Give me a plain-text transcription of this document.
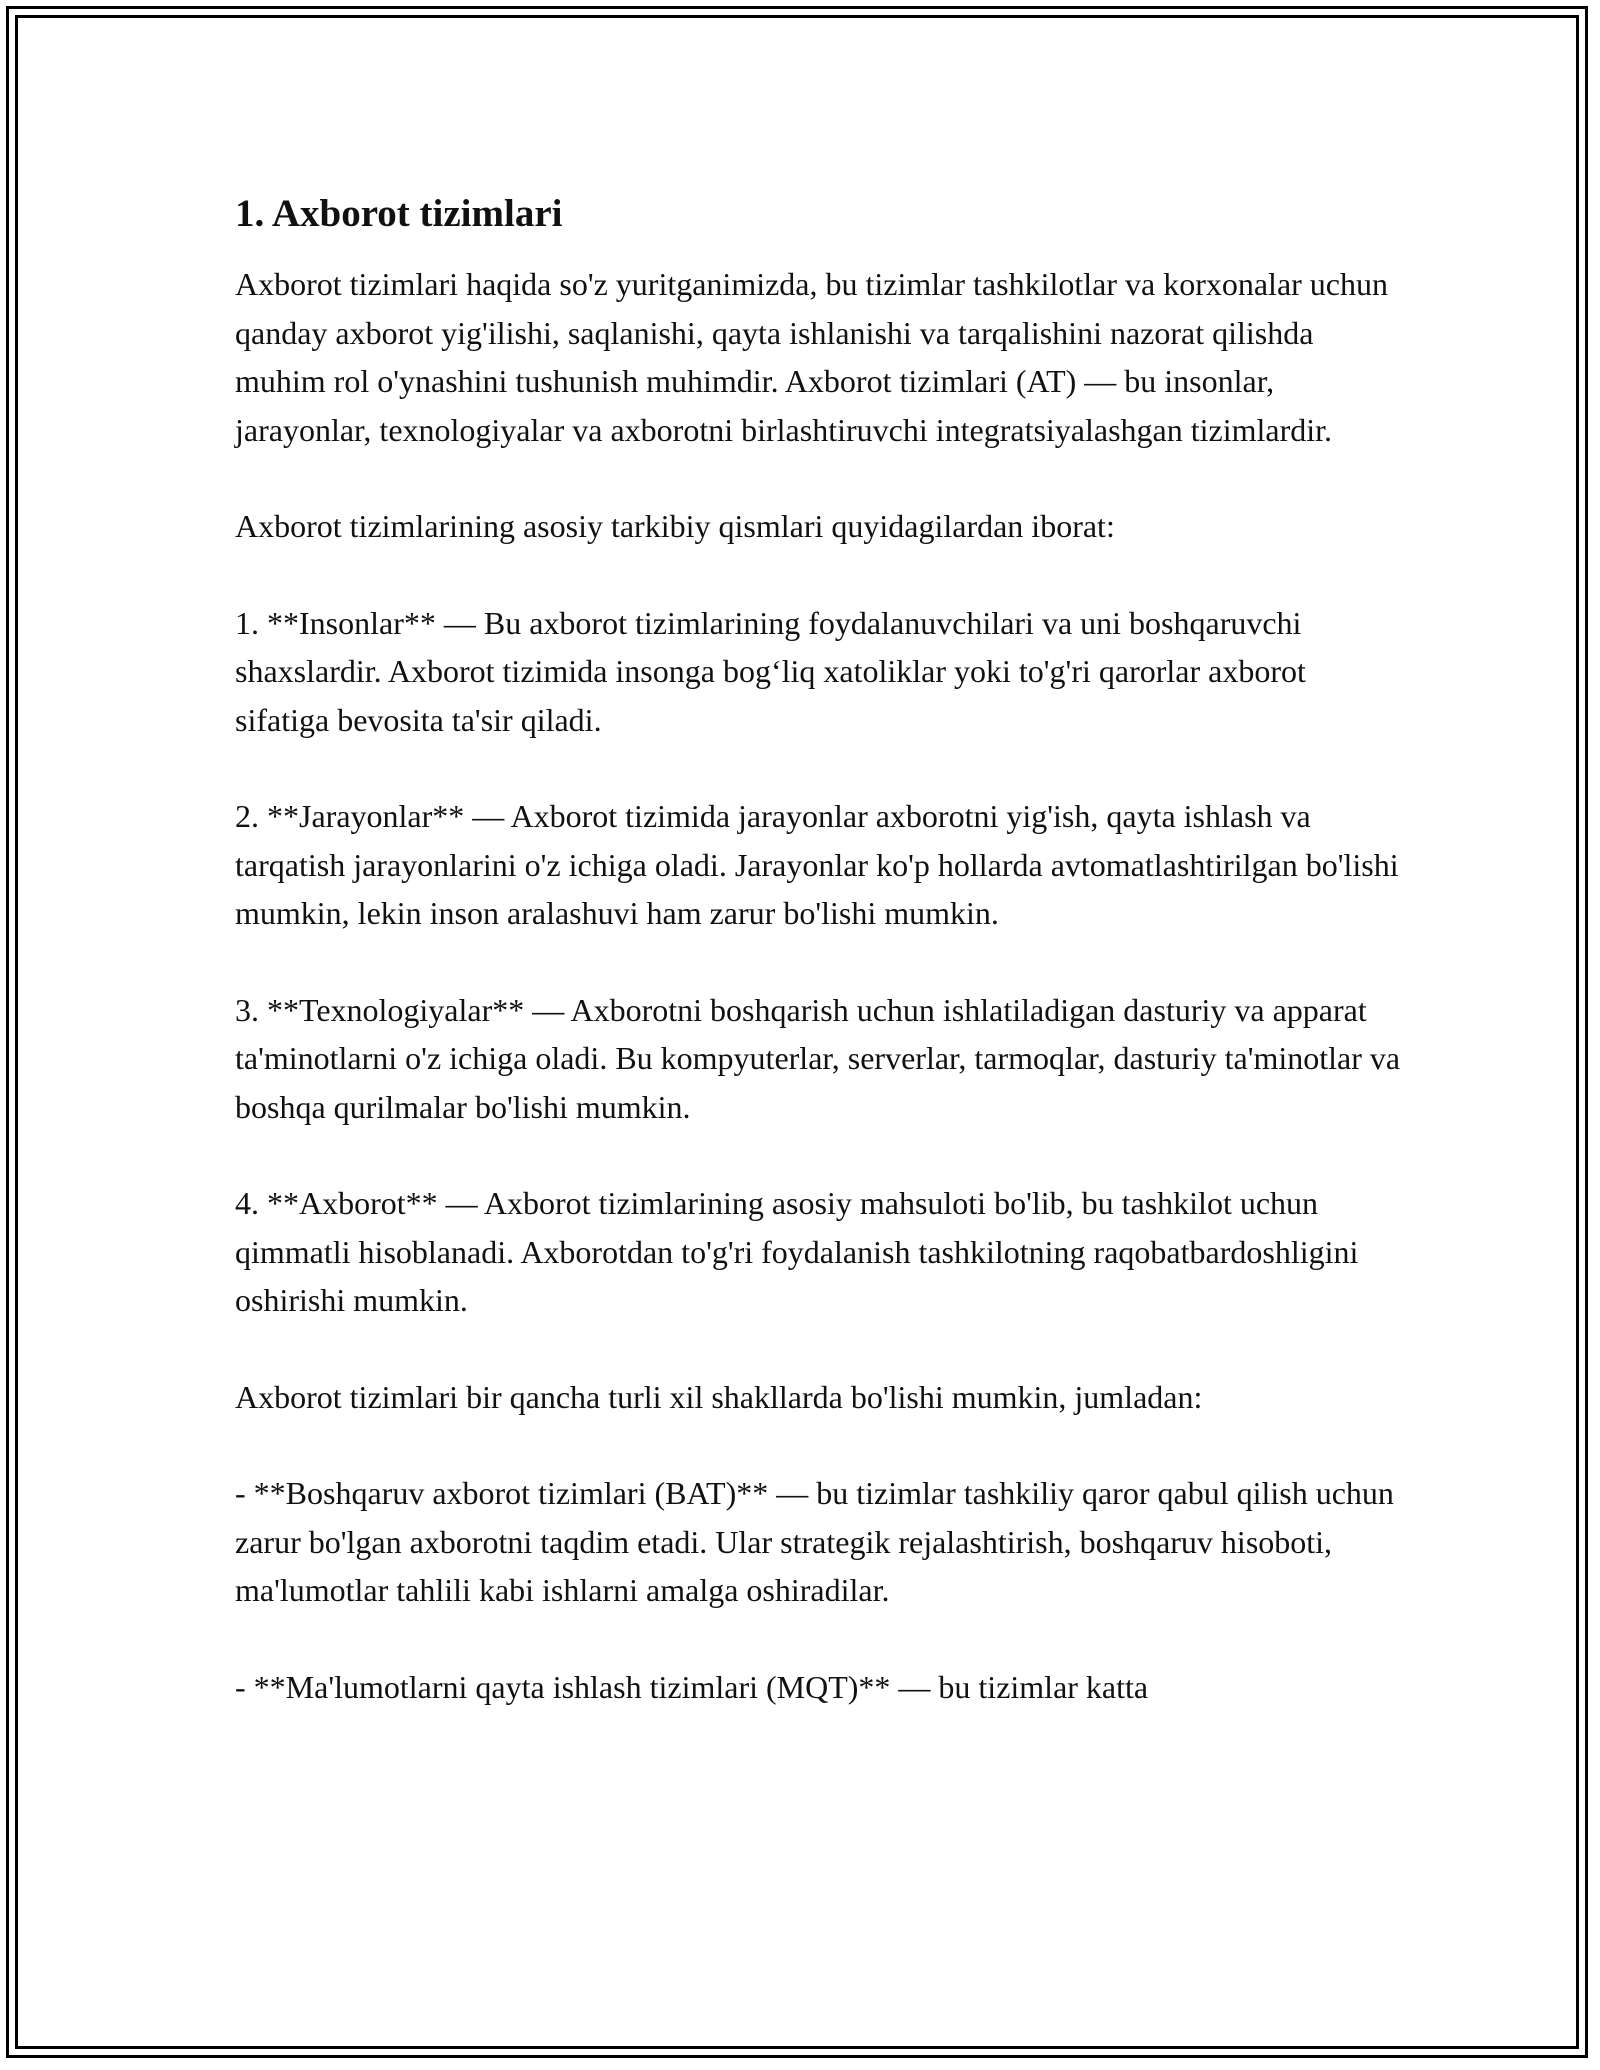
1. Axborot tizimlari

Axborot tizimlari haqida so'z yuritganimizda, bu tizimlar tashkilotlar va korxonalar uchun qanday axborot yig'ilishi, saqlanishi, qayta ishlanishi va tarqalishini nazorat qilishda muhim rol o'ynashini tushunish muhimdir. Axborot tizimlari (AT) — bu insonlar, jarayonlar, texnologiyalar va axborotni birlashtiruvchi integratsiyalashgan tizimlardir.

Axborot tizimlarining asosiy tarkibiy qismlari quyidagilardan iborat:

1. **Insonlar** — Bu axborot tizimlarining foydalanuvchilari va uni boshqaruvchi shaxslardir. Axborot tizimida insonga bog‘liq xatoliklar yoki to'g'ri qarorlar axborot sifatiga bevosita ta'sir qiladi.

2. **Jarayonlar** — Axborot tizimida jarayonlar axborotni yig'ish, qayta ishlash va tarqatish jarayonlarini o'z ichiga oladi. Jarayonlar ko'p hollarda avtomatlashtirilgan bo'lishi mumkin, lekin inson aralashuvi ham zarur bo'lishi mumkin.

3. **Texnologiyalar** — Axborotni boshqarish uchun ishlatiladigan dasturiy va apparat ta'minotlarni o'z ichiga oladi. Bu kompyuterlar, serverlar, tarmoqlar, dasturiy ta'minotlar va boshqa qurilmalar bo'lishi mumkin.

4. **Axborot** — Axborot tizimlarining asosiy mahsuloti bo'lib, bu tashkilot uchun qimmatli hisoblanadi. Axborotdan to'g'ri foydalanish tashkilotning raqobatbardoshligini oshirishi mumkin.

Axborot tizimlari bir qancha turli xil shakllarda bo'lishi mumkin, jumladan:

- **Boshqaruv axborot tizimlari (BAT)** — bu tizimlar tashkiliy qaror qabul qilish uchun zarur bo'lgan axborotni taqdim etadi. Ular strategik rejalashtirish, boshqaruv hisoboti, ma'lumotlar tahlili kabi ishlarni amalga oshiradilar.

- **Ma'lumotlarni qayta ishlash tizimlari (MQT)** — bu tizimlar katta
